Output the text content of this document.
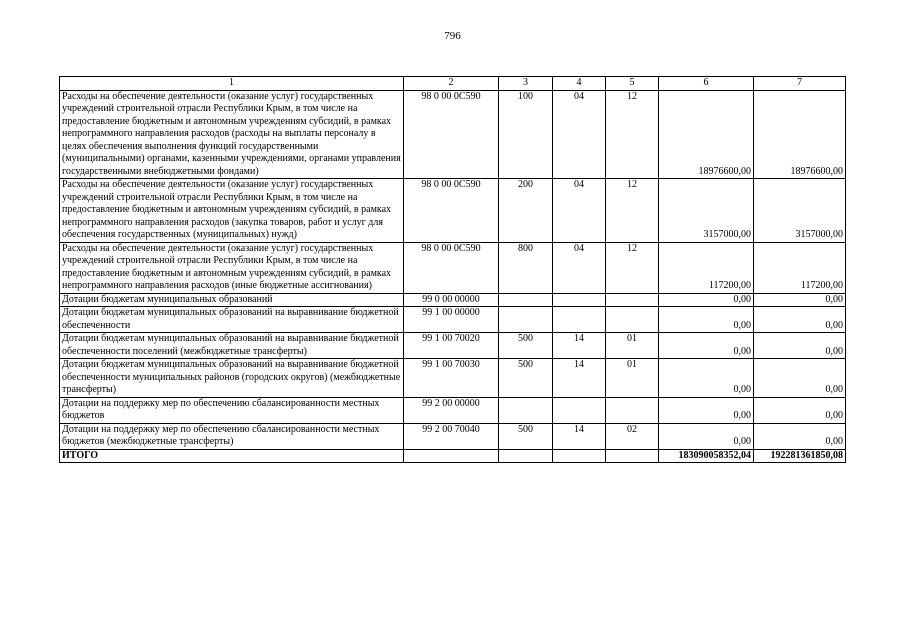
796
1	2	3	4	5	6	7
Расходы на обеспечение деятельности (оказание услуг) государственных учреждений строительной отрасли Республики Крым, в том числе на предоставление бюджетным и автономным учреждениям субсидий, в рамках непрограммного направления расходов (расходы на выплаты персоналу в целях обеспечения выполнения функций государственными (муниципальными) органами, казенными учреждениями, органами управления государственными внебюджетными фондами)	98 0 00 0С590	100	04	12	18976600,00	18976600,00
Расходы на обеспечение деятельности (оказание услуг) государственных учреждений строительной отрасли Республики Крым, в том числе на предоставление бюджетным и автономным учреждениям субсидий, в рамках непрограммного направления расходов (закупка товаров, работ и услуг для обеспечения государственных (муниципальных) нужд)	98 0 00 0С590	200	04	12	3157000,00	3157000,00
Расходы на обеспечение деятельности (оказание услуг) государственных учреждений строительной отрасли Республики Крым, в том числе на предоставление бюджетным и автономным учреждениям субсидий, в рамках непрограммного направления расходов (иные бюджетные ассигнования)	98 0 00 0С590	800	04	12	117200,00	117200,00
Дотации бюджетам муниципальных образований	99 0 00 00000				0,00	0,00
Дотации бюджетам муниципальных образований на выравнивание бюджетной обеспеченности	99 1 00 00000				0,00	0,00
Дотации бюджетам муниципальных образований на выравнивание бюджетной обеспеченности поселений (межбюджетные трансферты)	99 1 00 70020	500	14	01	0,00	0,00
Дотации бюджетам муниципальных образований на выравнивание бюджетной обеспеченности муниципальных районов (городских округов) (межбюджетные трансферты)	99 1 00 70030	500	14	01	0,00	0,00
Дотации на поддержку мер по обеспечению сбалансированности местных бюджетов	99 2 00 00000				0,00	0,00
Дотации на поддержку мер по обеспечению сбалансированности местных бюджетов (межбюджетные трансферты)	99 2 00 70040	500	14	02	0,00	0,00
ИТОГО					183090058352,04	192281361850,08
